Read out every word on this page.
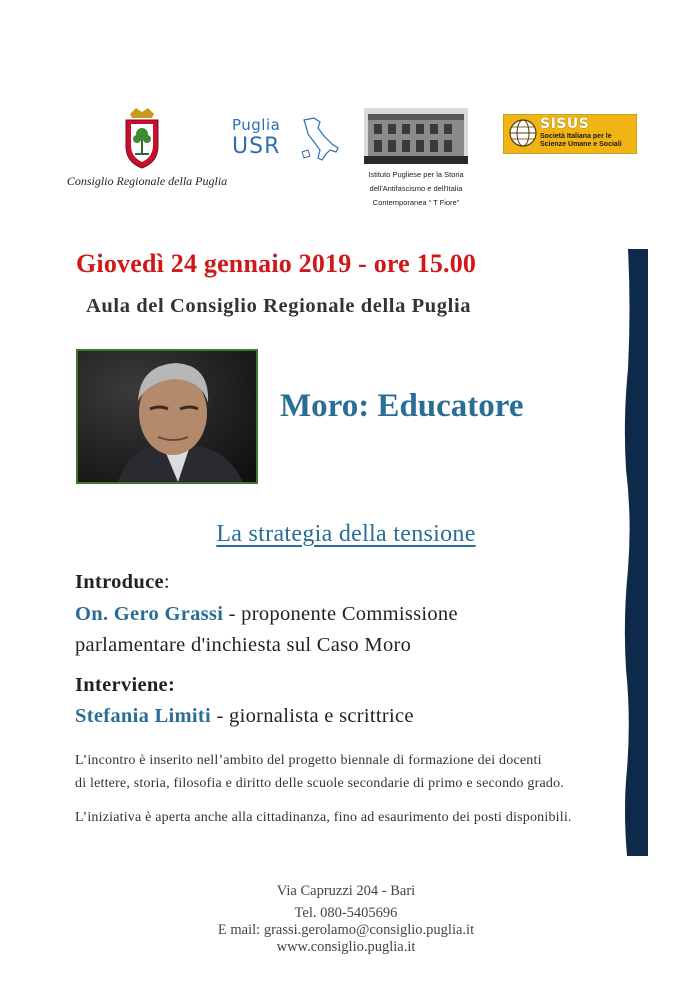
Consiglio Regionale della Puglia
Puglia
USR
Istituto Pugliese per la Storia
dell'Antifascismo e dell'Italia
Contemporanea “ T Fiore”
SISUS
Società Italiana per le Scienze Umane e Sociali
Giovedì 24 gennaio 2019 - ore 15.00
Aula del Consiglio Regionale della Puglia
Moro: Educatore
La strategia della tensione
Introduce:
On. Gero Grassi - proponente Commissione
parlamentare d'inchiesta sul Caso Moro
Interviene:
Stefania Limiti - giornalista e scrittrice
L’incontro è inserito nell’ambito del progetto biennale di formazione dei docenti
di lettere, storia, filosofia e diritto delle scuole secondarie di primo e secondo grado.
L’iniziativa è aperta anche alla cittadinanza, fino ad esaurimento dei posti disponibili.
Via Capruzzi 204 - Bari
Tel. 080-5405696
E mail: grassi.gerolamo@consiglio.puglia.it
www.consiglio.puglia.it
